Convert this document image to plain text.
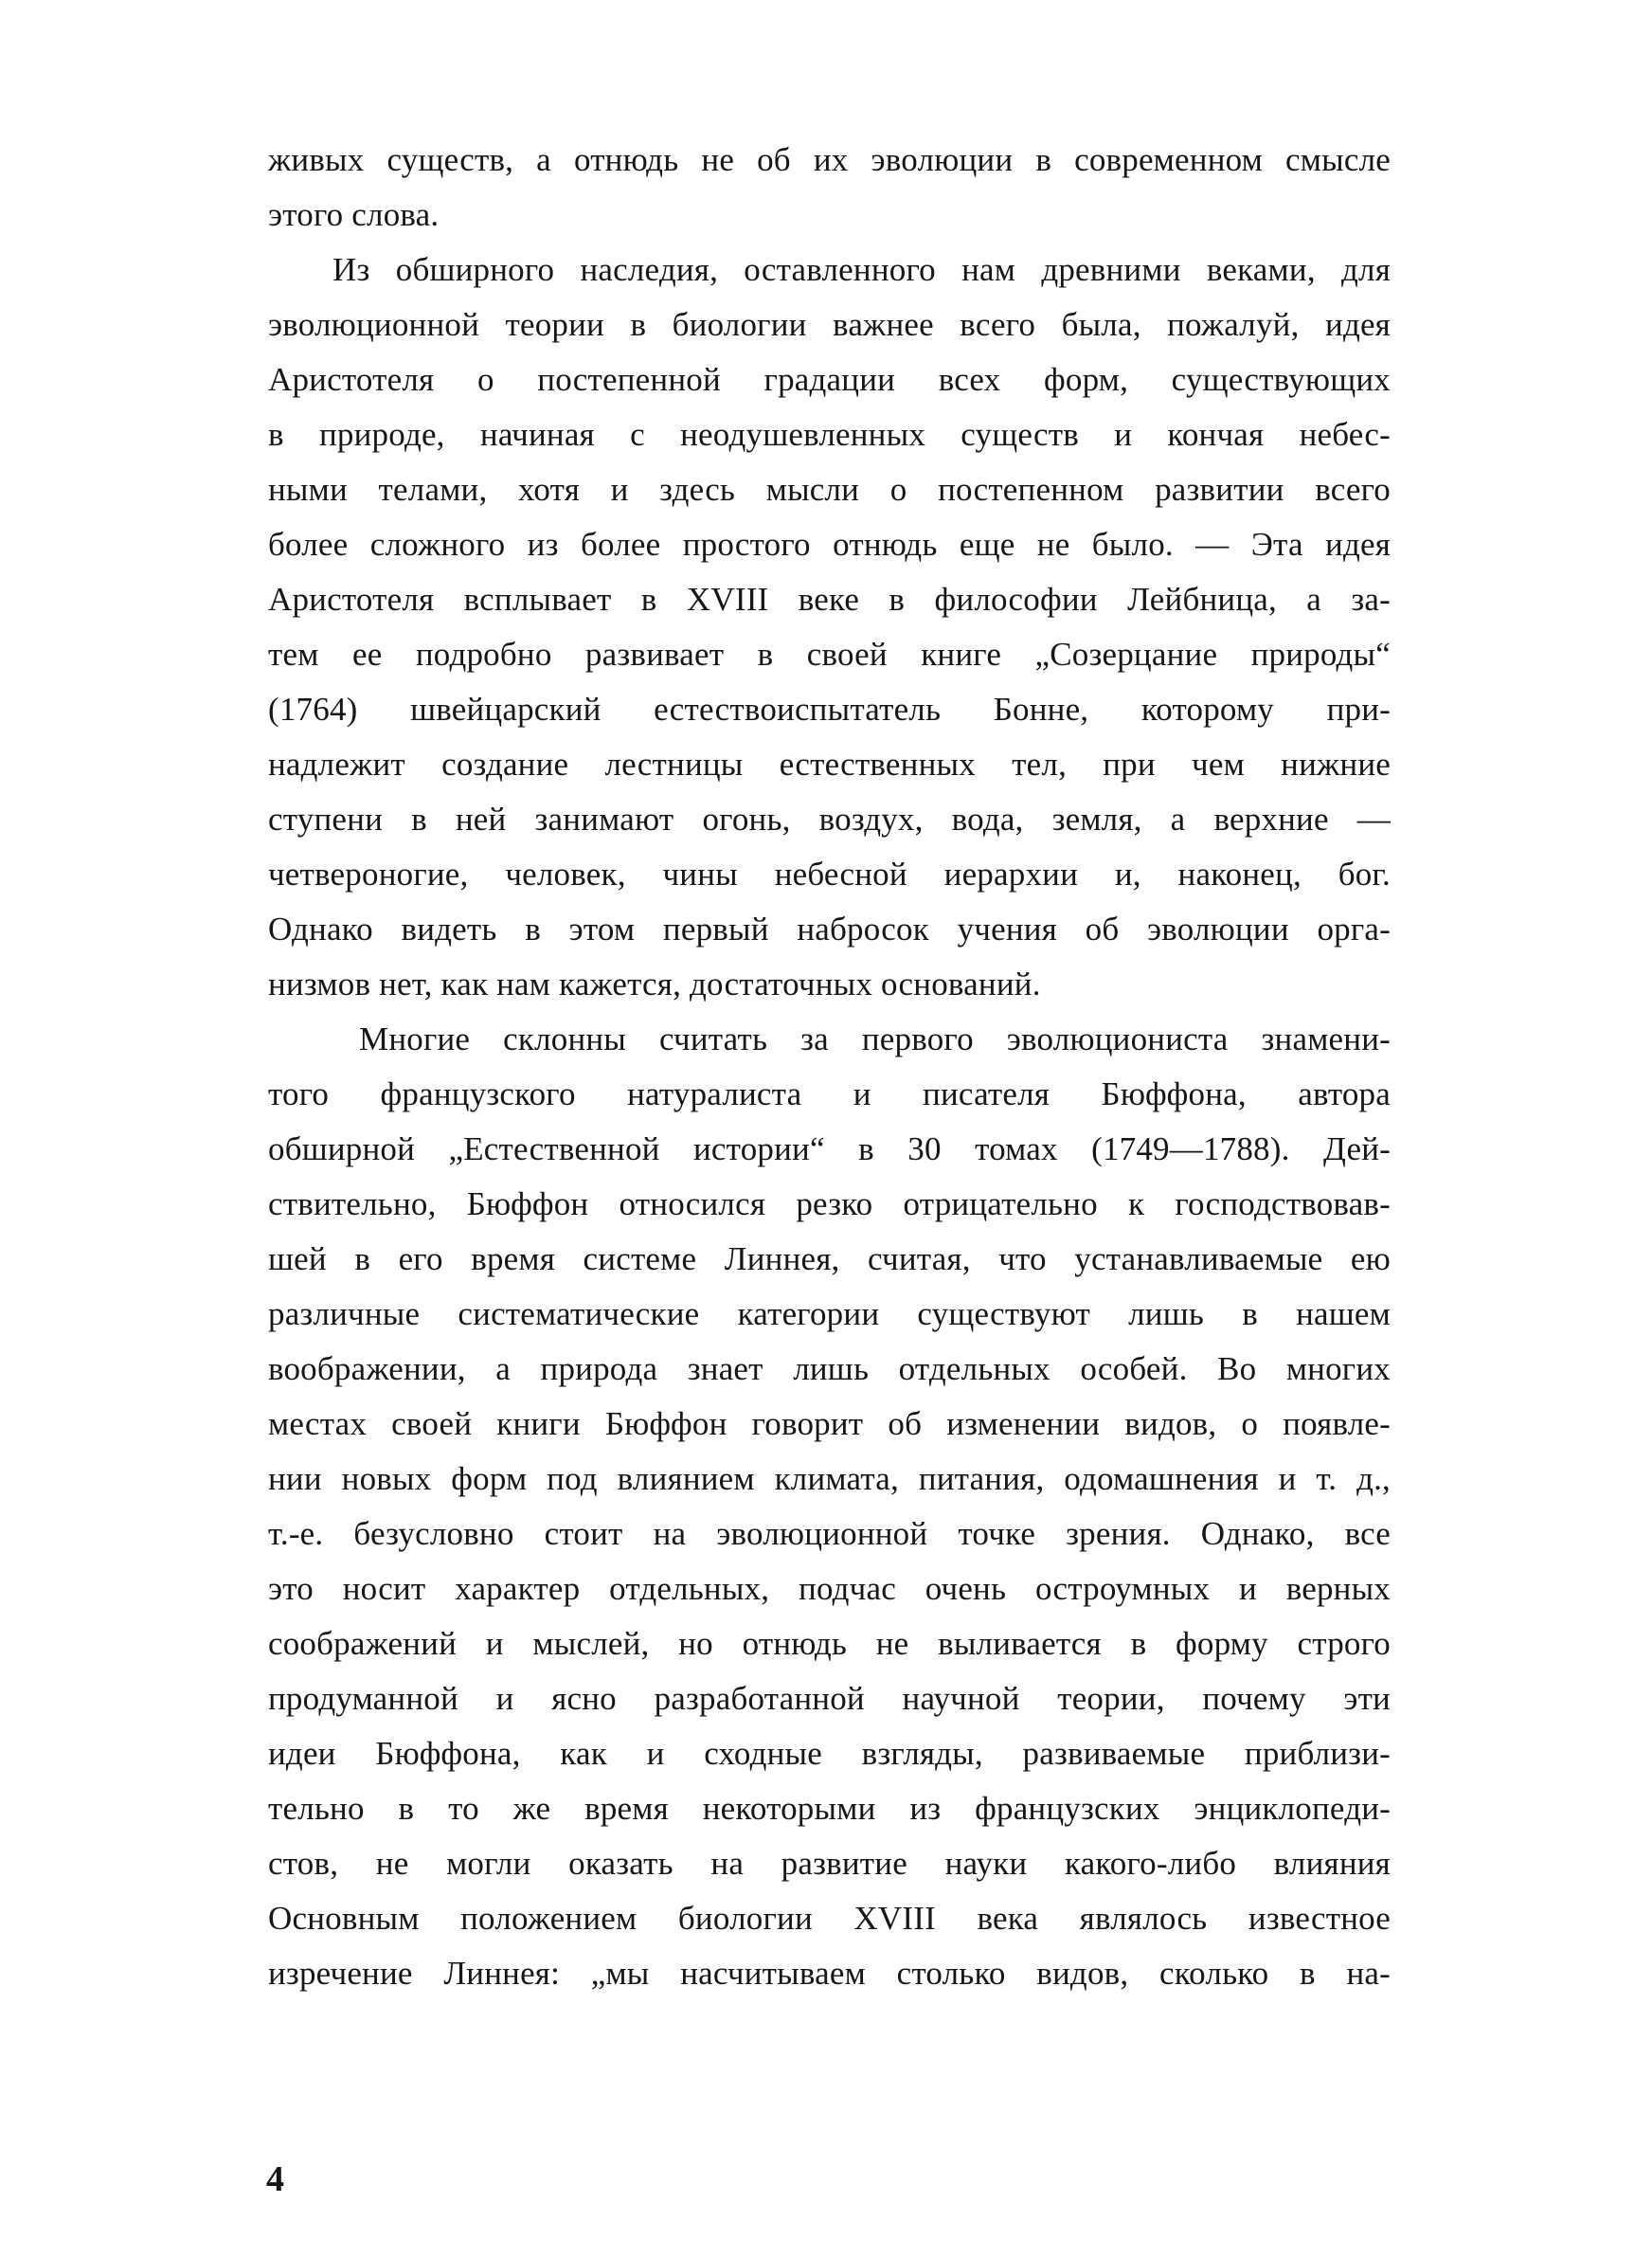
живых существ, а отнюдь не об их эволюции в современном смысле
этого слова.
Из обширного наследия, оставленного нам древними веками, для
эволюционной теории в биологии важнее всего была, пожалуй, идея
Аристотеля о постепенной градации всех форм, существующих
в природе, начиная с неодушевленных существ и кончая небес-
ными телами, хотя и здесь мысли о постепенном развитии всего
более сложного из более простого отнюдь еще не было. — Эта идея
Аристотеля всплывает в XVIII веке в философии Лейбница, а за-
тем ее подробно развивает в своей книге „Созерцание природы“
(1764) швейцарский естествоиспытатель Бонне, которому при-
надлежит создание лестницы естественных тел, при чем нижние
ступени в ней занимают огонь, воздух, вода, земля, а верхние —
четвероногие, человек, чины небесной иерархии и, наконец, бог.
Однако видеть в этом первый набросок учения об эволюции орга-
низмов нет, как нам кажется, достаточных оснований.
Многие склонны считать за первого эволюциониста знамени-
того французского натуралиста и писателя Бюффона, автора
обширной „Естественной истории“ в 30 томах (1749—1788). Дей-
ствительно, Бюффон относился резко отрицательно к господствовав-
шей в его время системе Линнея, считая, что устанавливаемые ею
различные систематические категории существуют лишь в нашем
воображении, а природа знает лишь отдельных особей. Во многих
местах своей книги Бюффон говорит об изменении видов, о появле-
нии новых форм под влиянием климата, питания, одомашнения и т. д.,
т.-е. безусловно стоит на эволюционной точке зрения. Однако, все
это носит характер отдельных, подчас очень остроумных и верных
соображений и мыслей, но отнюдь не выливается в форму строго
продуманной и ясно разработанной научной теории, почему эти
идеи Бюффона, как и сходные взгляды, развиваемые приблизи-
тельно в то же время некоторыми из французских энциклопеди-
стов, не могли оказать на развитие науки какого-либо влияния
Основным положением биологии XVIII века являлось известное
изречение Линнея: „мы насчитываем столько видов, сколько в на-
4
